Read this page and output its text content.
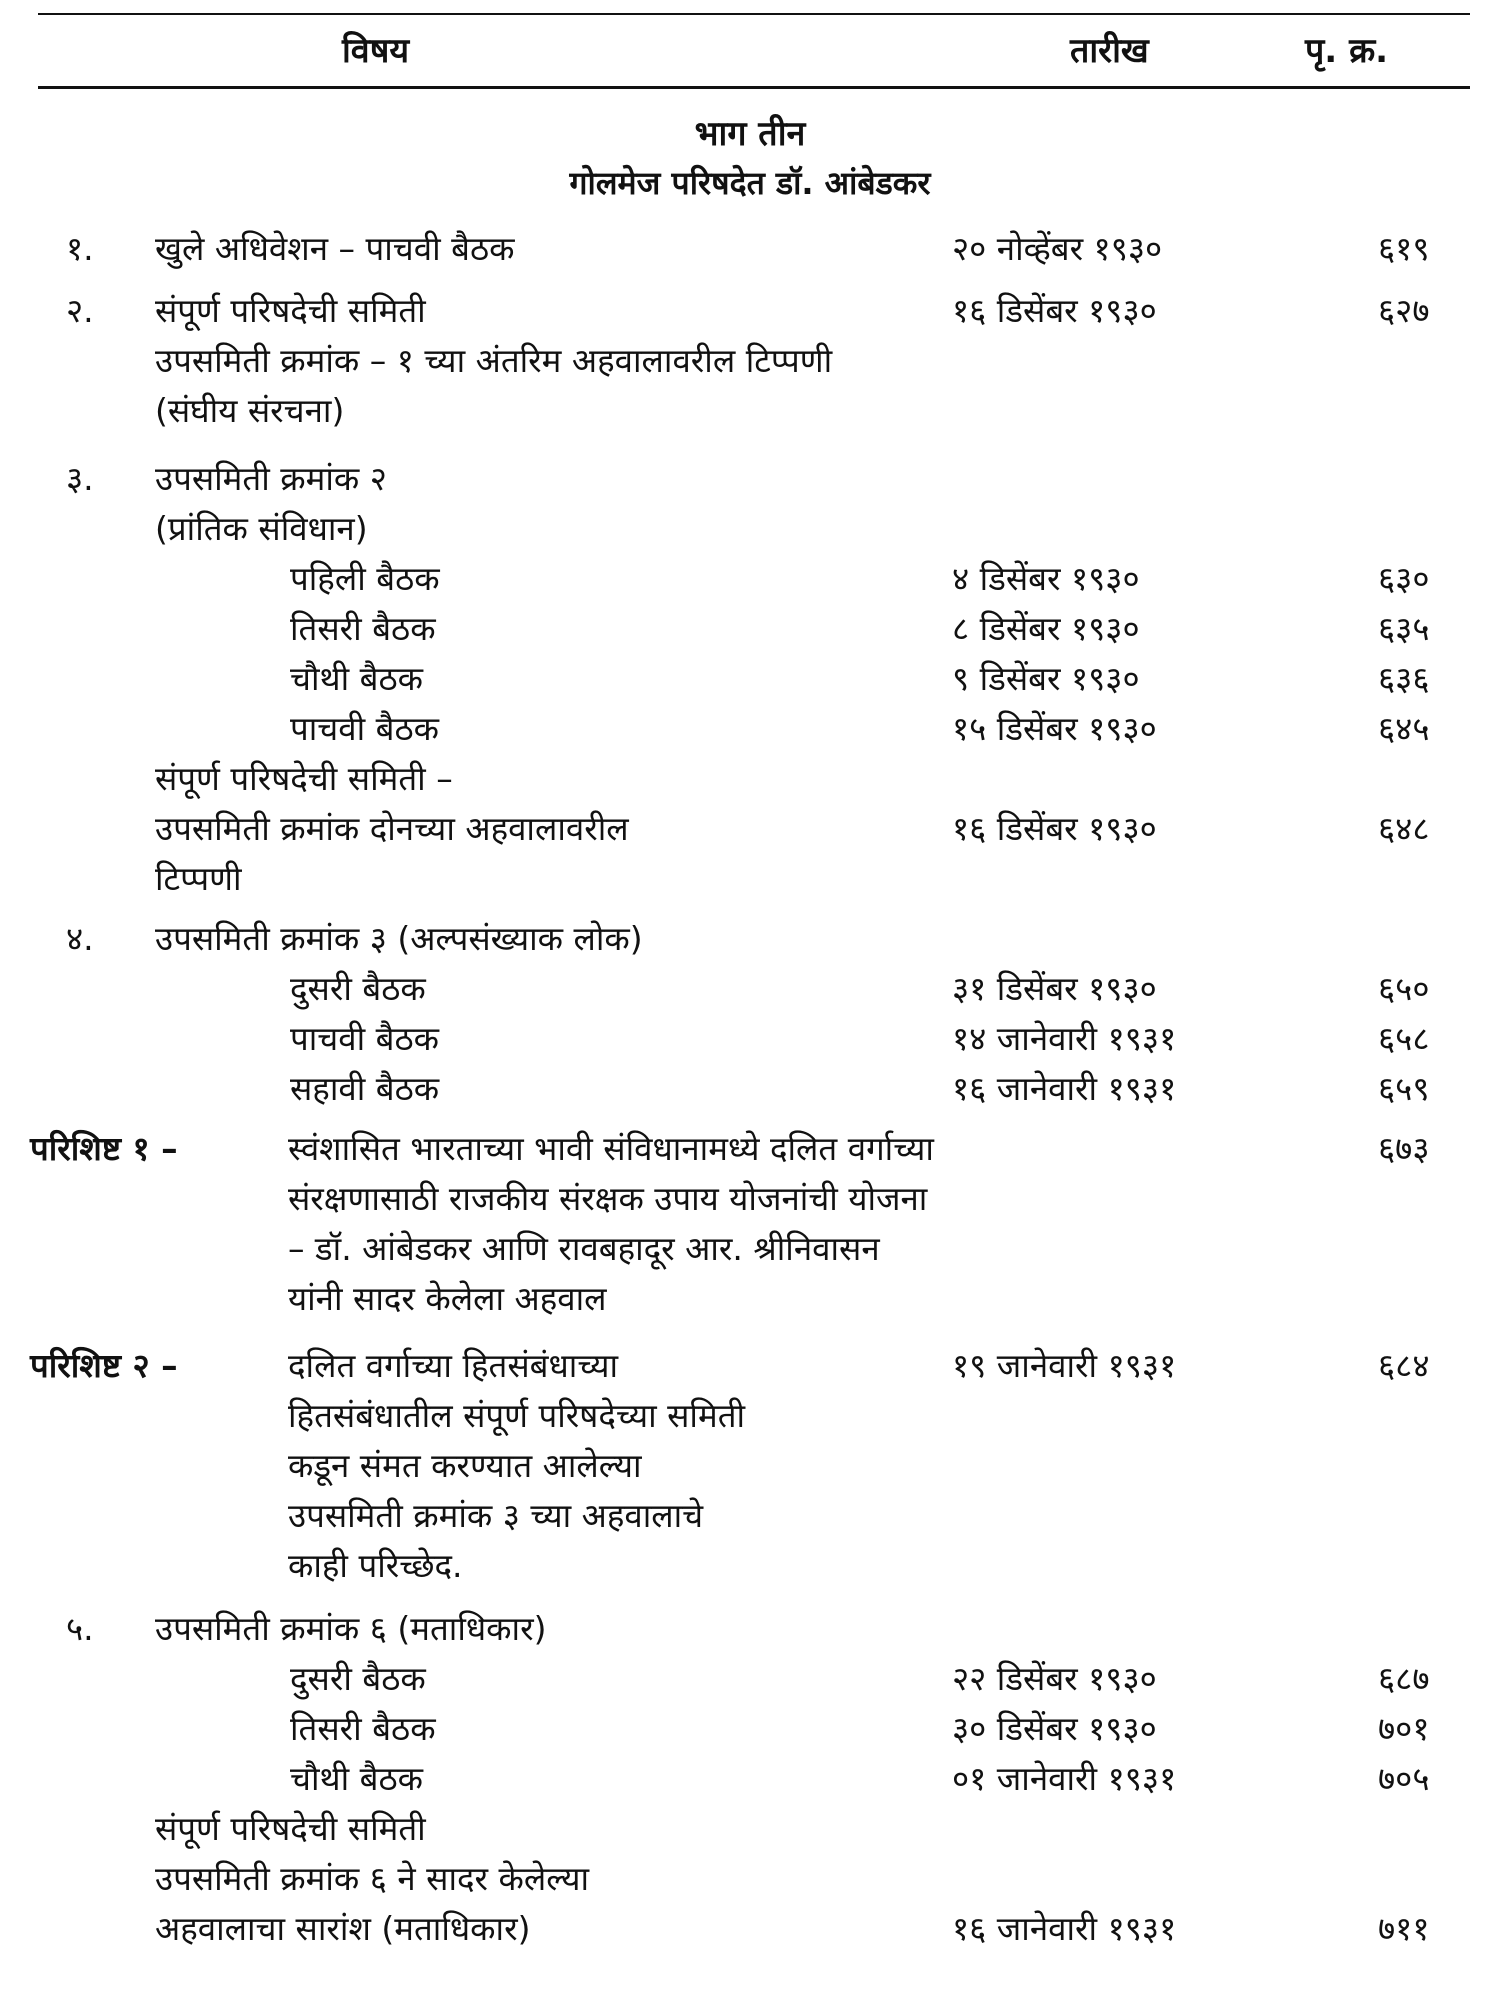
विषय	तारीख	पृ. क्र.
भाग तीन
गोलमेज परिषदेत डॉ. आंबेडकर
१. खुले अधिवेशन – पाचवी बैठक	२० नोव्हेंबर १९३०	६१९
२. संपूर्ण परिषदेची समिती
उपसमिती क्रमांक – १ च्या अंतरिम अहवालावरील टिप्पणी
(संघीय संरचना)
१६ डिसेंबर १९३०	६२७
३. उपसमिती क्रमांक २
(प्रांतिक संविधान)
पहिली बैठक	४ डिसेंबर १९३०	६३०
तिसरी बैठक	८ डिसेंबर १९३०	६३५
चौथी बैठक	९ डिसेंबर १९३०	६३६
पाचवी बैठक	१५ डिसेंबर १९३०	६४५
संपूर्ण परिषदेची समिती –
उपसमिती क्रमांक दोनच्या अहवालावरील
टिप्पणी
१६ डिसेंबर १९३०	६४८
४. उपसमिती क्रमांक ३ (अल्पसंख्याक लोक)
दुसरी बैठक	३१ डिसेंबर १९३०	६५०
पाचवी बैठक	१४ जानेवारी १९३१	६५८
सहावी बैठक	१६ जानेवारी १९३१	६५९
परिशिष्ट १ –	स्वंशासित भारताच्या भावी संविधानामध्ये दलित वर्गाच्या
संरक्षणासाठी राजकीय संरक्षक उपाय योजनांची योजना
– डॉ. आंबेडकर आणि रावबहादूर आर. श्रीनिवासन
यांनी सादर केलेला अहवाल
६७३
परिशिष्ट २ –	दलित वर्गाच्या हितसंबंधाच्या
हितसंबंधातील संपूर्ण परिषदेच्या समिती
कडून संमत करण्यात आलेल्या
उपसमिती क्रमांक ३ च्या अहवालाचे
काही परिच्छेद.
१९ जानेवारी १९३१	६८४
५. उपसमिती क्रमांक ६ (मताधिकार)
दुसरी बैठक	२२ डिसेंबर १९३०	६८७
तिसरी बैठक	३० डिसेंबर १९३०	७०१
चौथी बैठक	०१ जानेवारी १९३१	७०५
संपूर्ण परिषदेची समिती
उपसमिती क्रमांक ६ ने सादर केलेल्या
अहवालाचा सारांश (मताधिकार)	१६ जानेवारी १९३१	७११
